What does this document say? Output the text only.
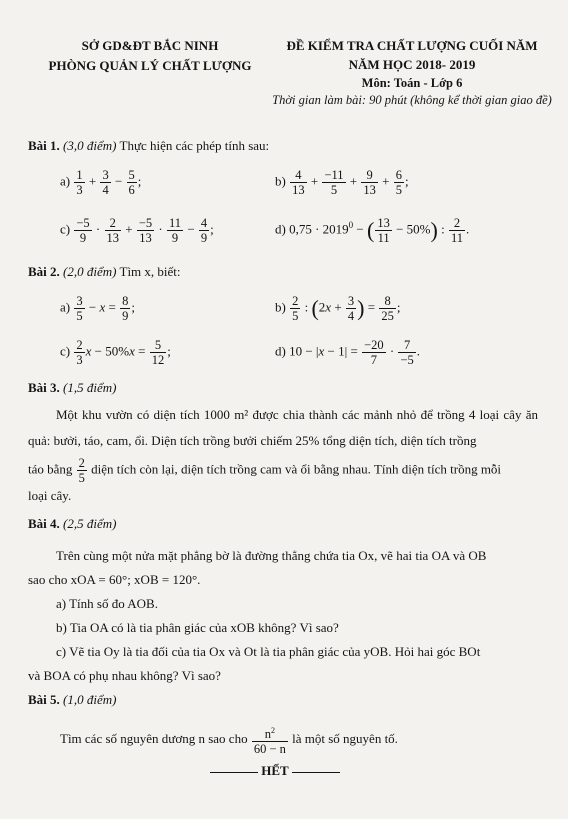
SỞ GD&ĐT BẮC NINH
PHÒNG QUẢN LÝ CHẤT LƯỢNG
ĐỀ KIỂM TRA CHẤT LƯỢNG CUỐI NĂM
NĂM HỌC 2018- 2019
Môn: Toán - Lớp 6
Thời gian làm bài: 90 phút (không kể thời gian giao đề)
Bài 1. (3,0 điểm) Thực hiện các phép tính sau:
$a) \frac{1}{3} + \frac{3}{4} - \frac{5}{6}$ ;	$b) \frac{4}{13} + \frac{-11}{5} + \frac{9}{13} + \frac{6}{5}$ ;
$c) \frac{-5}{9} \cdot \frac{2}{13} + \frac{-5}{13} \cdot \frac{11}{9} - \frac{4}{9}$ ;	d) $0,75 \cdot 2019^0$ − ( $\frac{13}{11} - 50\%$) : $\frac{2}{11}$ .
Bài 2. (2,0 điểm) Tìm x, biết:
$a) \frac{3}{5} - x = \frac{8}{9}$ ;	$b) \frac{2}{5}$ : ($2x + \frac{3}{4}$ ) = $\frac{8}{25}$ ;
$c) \frac{2}{3}$ $x - 50\%x = \frac{5}{12}$ ;	d) $10 - |x - 1| = \frac{-20}{7} \cdot \frac{7}{-5}$ .
Bài 3. (1,5 điểm)
Một khu vườn có diện tích 1000 m² được chia thành các mảnh nhỏ để trồng 4 loại cây ăn quả: bưởi, táo, cam, ổi. Diện tích trồng bưởi chiếm 25% tổng diện tích, diện tích trồng
táo bằng $\frac{2}{5}$ diện tích còn lại, diện tích trồng cam và ổi bằng nhau. Tính diện tích trồng mỗi
loại cây.
Bài 4. (2,5 điểm)
Trên cùng một nửa mặt phẳng bờ là đường thẳng chứa tia Ox, vẽ hai tia OA và OB
sao cho xOA = 60°; xOB = 120°.
a) Tính số đo AOB.
b) Tia OA có là tia phân giác của xOB không? Vì sao?
c) Vẽ tia Oy là tia đối của tia Ox và Ot là tia phân giác của yOB. Hỏi hai góc BOt
và BOA có phụ nhau không? Vì sao?
Bài 5. (1,0 điểm)
Tìm các số nguyên dương n sao cho $\frac{n^2}{60 - n}$ là một số nguyên tố.
HẾT
